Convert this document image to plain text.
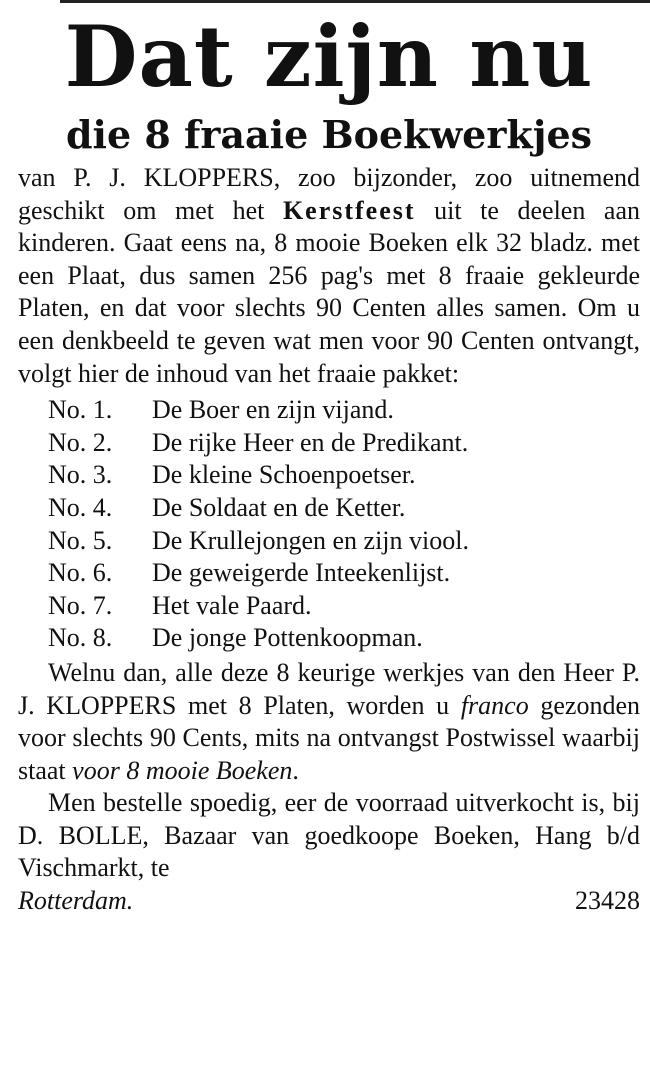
Dat zijn nu
die 8 fraaie Boekwerkjes

van P. J. KLOPPERS, zoo bijzonder, zoo uitnemend geschikt om met het Kerstfeest uit te deelen aan kinderen. Gaat eens na, 8 mooie Boeken elk 32 bladz. met een Plaat, dus samen 256 pag's met 8 fraaie gekleurde Platen, en dat voor slechts 90 Centen alles samen. Om u een denkbeeld te geven wat men voor 90 Centen ontvangt, volgt hier de inhoud van het fraaie pakket:

No. 1. De Boer en zijn vijand.
No. 2. De rijke Heer en de Predikant.
No. 3. De kleine Schoenpoetser.
No. 4. De Soldaat en de Ketter.
No. 5. De Krullejongen en zijn viool.
No. 6. De geweigerde Inteekenlijst.
No. 7. Het vale Paard.
No. 8. De jonge Pottenkoopman.

Welnu dan, alle deze 8 keurige werkjes van den Heer P. J. KLOPPERS met 8 Platen, worden u franco gezonden voor slechts 90 Cents, mits na ontvangst Postwissel waarbij staat voor 8 mooie Boeken.

Men bestelle spoedig, eer de voorraad uitverkocht is, bij D. BOLLE, Bazaar van goedkoope Boeken, Hang b/d Vischmarkt, te

Rotterdam.	23428
